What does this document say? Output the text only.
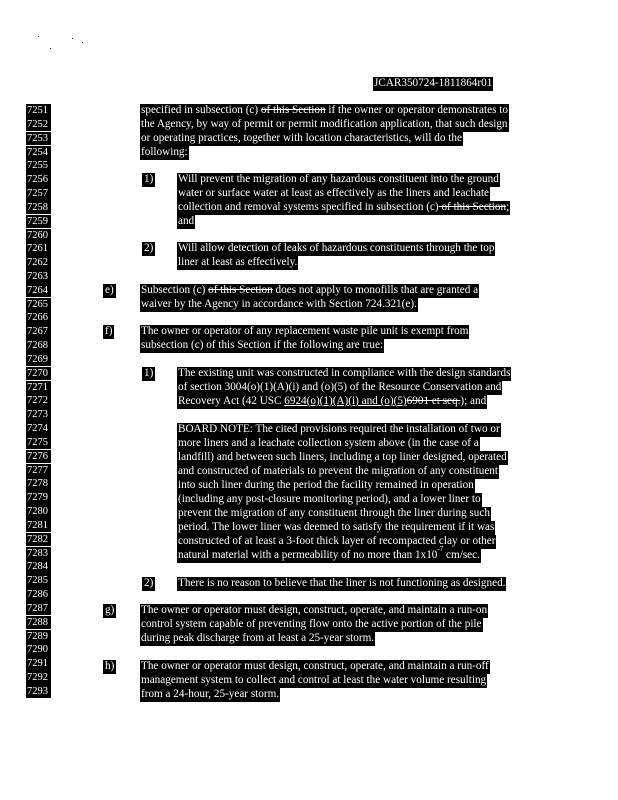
JCAR350724-1811864r01
7251
7252
7253
7254
7255
7256
7257
7258
7259
7260
7261
7262
7263
7264
7265
7266
7267
7268
7269
7270
7271
7272
7273
7274
7275
7276
7277
7278
7279
7280
7281
7282
7283
7284
7285
7286
7287
7288
7289
7290
7291
7292
7293
specified in subsection (c) of this Section if the owner or operator demonstrates to
the Agency, by way of permit or permit modification application, that such design
or operating practices, together with location characteristics, will do the
following:
1) Will prevent the migration of any hazardous constituent into the ground
water or surface water at least as effectively as the liners and leachate
collection and removal systems specified in subsection (c) of this Section;
and
2) Will allow detection of leaks of hazardous constituents through the top
liner at least as effectively.
e) Subsection (c) of this Section does not apply to monofills that are granted a
waiver by the Agency in accordance with Section 724.321(e).
f)	The owner or operator of any replacement waste pile unit is exempt from
subsection (c) of this Section if the following are true:
1) The existing unit was constructed in compliance with the design standards
of section 3004(o)(1)(A)(i) and (o)(5) of the Resource Conservation and
Recovery Act (42 USC 6924(o)(1)(A)(i) and (o)(5)6901 et seq.); and
BOARD NOTE: The cited provisions required the installation of two or
more liners and a leachate collection system above (in the case of a
landfill) and between such liners, including a top liner designed, operated
and constructed of materials to prevent the migration of any constituent
into such liner during the period the facility remained in operation
(including any post-closure monitoring period), and a lower liner to
prevent the migration of any constituent through the liner during such
period. The lower liner was deemed to satisfy the requirement if it was
constructed of at least a 3-foot thick layer of recompacted clay or other
natural material with a permeability of no more than $1x10^{-7}$ cm/sec.
2) There is no reason to believe that the liner is not functioning as designed.
g) The owner or operator must design, construct, operate, and maintain a run-on
control system capable of preventing flow onto the active portion of the pile
during peak discharge from at least a 25-year storm.
h) The owner or operator must design, construct, operate, and maintain a run-off
management system to collect and control at least the water volume resulting
from a 24-hour, 25-year storm.
